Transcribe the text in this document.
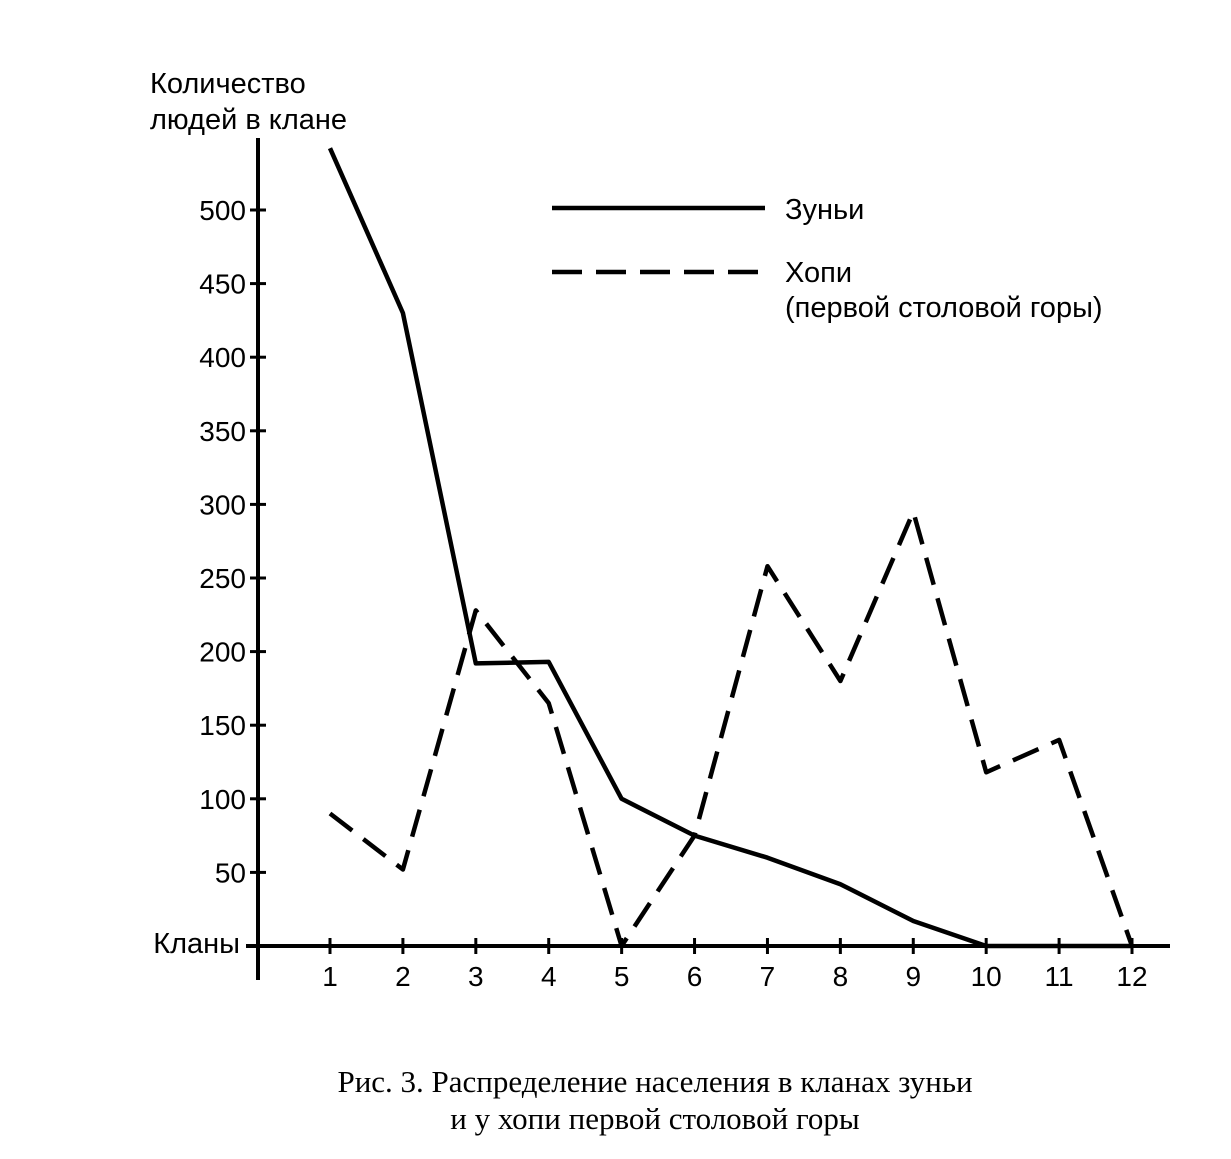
50
100
150
200
250
300
350
400
450
500
1 2 3 4 5 6 7 8 9 10 11 12
Количество
людей в клане
Кланы
Зуньи
Хопи
(первой столовой горы)
Рис. 3. Распределение населения в кланах зуньи
и у хопи первой столовой горы
